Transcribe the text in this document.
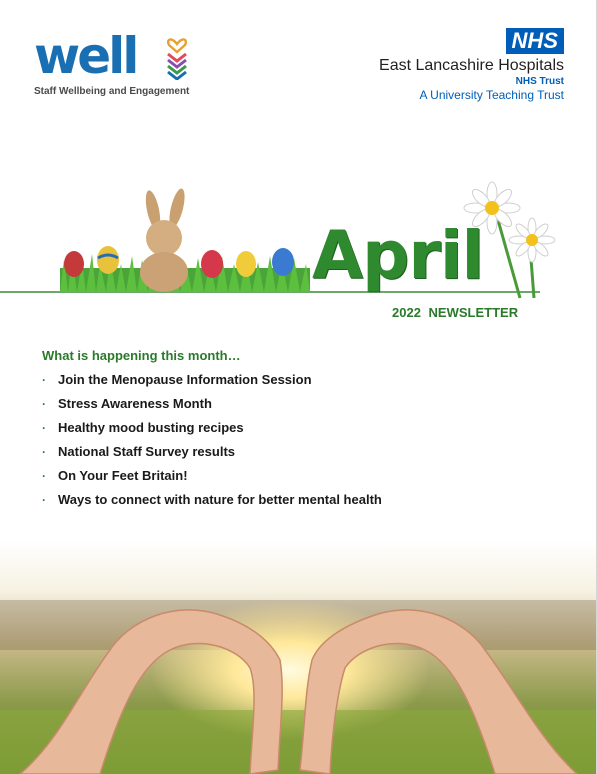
well
Staff Wellbeing and Engagement
NHS
East Lancashire Hospitals
NHS Trust
A University Teaching Trust
April
2022 NEWSLETTER
What is happening this month…
· Join the Menopause Information Session
· Stress Awareness Month
· Healthy mood busting recipes
· National Staff Survey results
· On Your Feet Britain!
· Ways to connect with nature for better mental health
